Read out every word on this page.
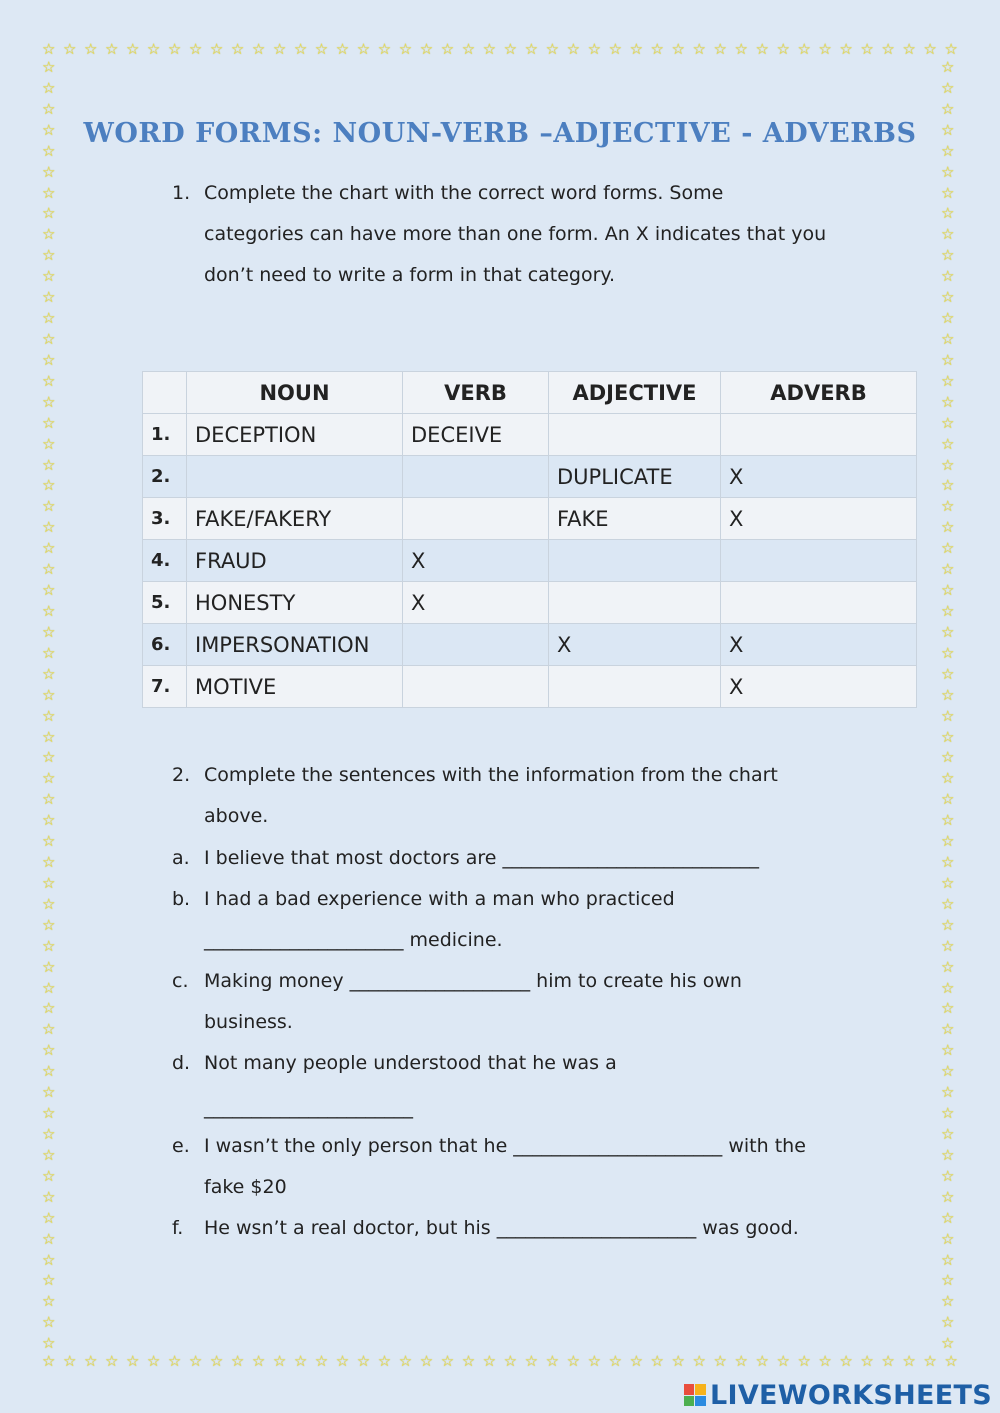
☆ ☆ ☆ ☆ ☆ ☆ ☆ ☆ ☆ ☆ ☆ ☆ ☆ ☆ ☆ ☆ ☆ ☆ ☆ ☆ ☆ ☆ ☆ ☆ ☆ ☆ ☆ ☆ ☆ ☆ ☆ ☆ ☆ ☆ ☆ ☆ ☆ ☆ ☆ ☆ ☆ ☆ ☆ ☆
☆ ☆ ☆ ☆ ☆ ☆ ☆ ☆ ☆ ☆ ☆ ☆ ☆ ☆ ☆ ☆ ☆ ☆ ☆ ☆ ☆ ☆ ☆ ☆ ☆ ☆ ☆ ☆ ☆ ☆ ☆ ☆ ☆ ☆ ☆ ☆ ☆ ☆ ☆ ☆ ☆ ☆ ☆ ☆
☆
☆
☆
☆
☆
☆
☆
☆
☆
☆
☆
☆
☆
☆
☆
☆
☆
☆
☆
☆
☆
☆
☆
☆
☆
☆
☆
☆
☆
☆
☆
☆
☆
☆
☆
☆
☆
☆
☆
☆
☆
☆
☆
☆
☆
☆
☆
☆
☆
☆
☆
☆
☆
☆
☆
☆
☆
☆
☆
☆
☆
☆
☆
☆
☆
☆
☆
☆
☆
☆
☆
☆
☆
☆
☆
☆
☆
☆
☆
☆
☆
☆
☆
☆
☆
☆
☆
☆
☆
☆
☆
☆
☆
☆
☆
☆
☆
☆
☆
☆
☆
☆
☆
☆
☆
☆
☆
☆
☆
☆
☆
☆
☆
☆
☆
☆
☆
☆
☆
☆
☆
☆
☆
☆
WORD FORMS: NOUN-VERB –ADJECTIVE - ADVERBS
1. Complete the chart with the correct word forms. Some
categories can have more than one form. An X indicates that you
don’t need to write a form in that category.
	NOUN	VERB	ADJECTIVE	ADVERB
1.	DECEPTION	DECEIVE		
2.			DUPLICATE	X
3.	FAKE/FAKERY		FAKE	X
4.	FRAUD	X		
5.	HONESTY	X		
6.	IMPERSONATION		X	X
7.	MOTIVE			X
2. Complete the sentences with the information from the chart
above.
a. I believe that most doctors are ___________________________
b. I had a bad experience with a man who practiced
_____________________ medicine.
c. Making money ___________________ him to create his own
business.
d. Not many people understood that he was a
______________________
e. I wasn’t the only person that he ______________________ with the
fake $20
f. He wsn’t a real doctor, but his _____________________ was good.
LIVEWORKSHEETS
